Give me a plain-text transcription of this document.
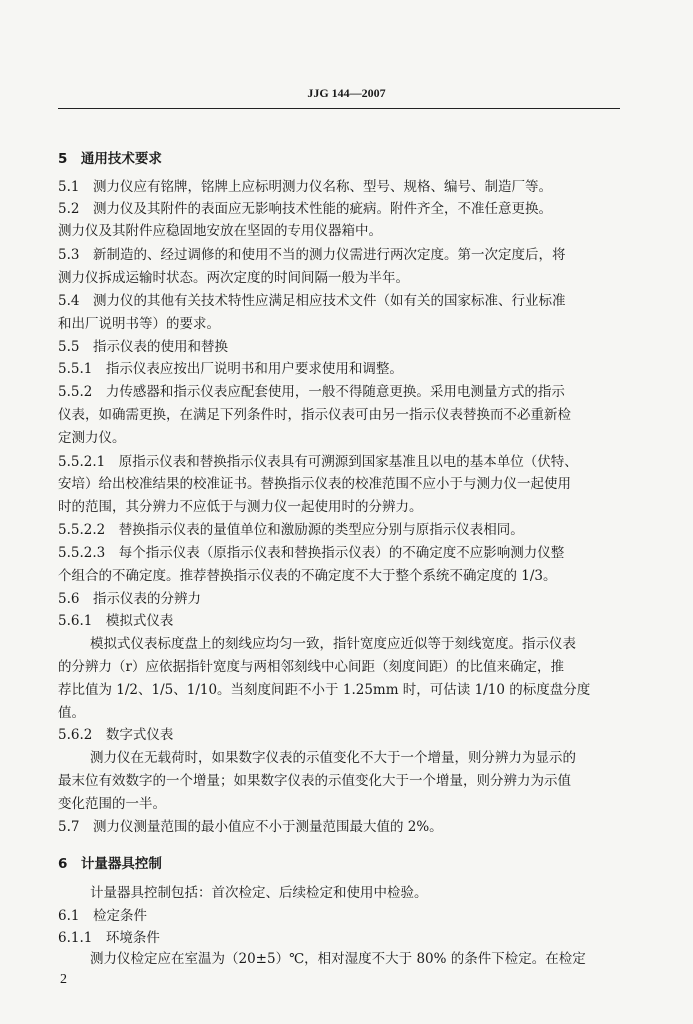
JJG 144—2007
5　通用技术要求
5.1　测力仪应有铭牌，铭牌上应标明测力仪名称、型号、规格、编号、制造厂等。
5.2　测力仪及其附件的表面应无影响技术性能的疵病。附件齐全，不准任意更换。
测力仪及其附件应稳固地安放在坚固的专用仪器箱中。
5.3　新制造的、经过调修的和使用不当的测力仪需进行两次定度。第一次定度后，将
测力仪拆成运输时状态。两次定度的时间间隔一般为半年。
5.4　测力仪的其他有关技术特性应满足相应技术文件（如有关的国家标准、行业标准
和出厂说明书等）的要求。
5.5　指示仪表的使用和替换
5.5.1　指示仪表应按出厂说明书和用户要求使用和调整。
5.5.2　力传感器和指示仪表应配套使用，一般不得随意更换。采用电测量方式的指示
仪表，如确需更换，在满足下列条件时，指示仪表可由另一指示仪表替换而不必重新检
定测力仪。
5.5.2.1　原指示仪表和替换指示仪表具有可溯源到国家基准且以电的基本单位（伏特、
安培）给出校准结果的校准证书。替换指示仪表的校准范围不应小于与测力仪一起使用
时的范围，其分辨力不应低于与测力仪一起使用时的分辨力。
5.5.2.2　替换指示仪表的量值单位和激励源的类型应分别与原指示仪表相同。
5.5.2.3　每个指示仪表（原指示仪表和替换指示仪表）的不确定度不应影响测力仪整
个组合的不确定度。推荐替换指示仪表的不确定度不大于整个系统不确定度的 1/3。
5.6　指示仪表的分辨力
5.6.1　模拟式仪表
模拟式仪表标度盘上的刻线应均匀一致，指针宽度应近似等于刻线宽度。指示仪表
的分辨力（r）应依据指针宽度与两相邻刻线中心间距（刻度间距）的比值来确定，推
荐比值为 1/2、1/5、1/10。当刻度间距不小于 1.25mm 时，可估读 1/10 的标度盘分度
值。
5.6.2　数字式仪表
测力仪在无载荷时，如果数字仪表的示值变化不大于一个增量，则分辨力为显示的
最末位有效数字的一个增量；如果数字仪表的示值变化大于一个增量，则分辨力为示值
变化范围的一半。
5.7　测力仪测量范围的最小值应不小于测量范围最大值的 2%。
6　计量器具控制
计量器具控制包括：首次检定、后续检定和使用中检验。
6.1　检定条件
6.1.1　环境条件
测力仪检定应在室温为（20±5）℃，相对湿度不大于 80% 的条件下检定。在检定
2
